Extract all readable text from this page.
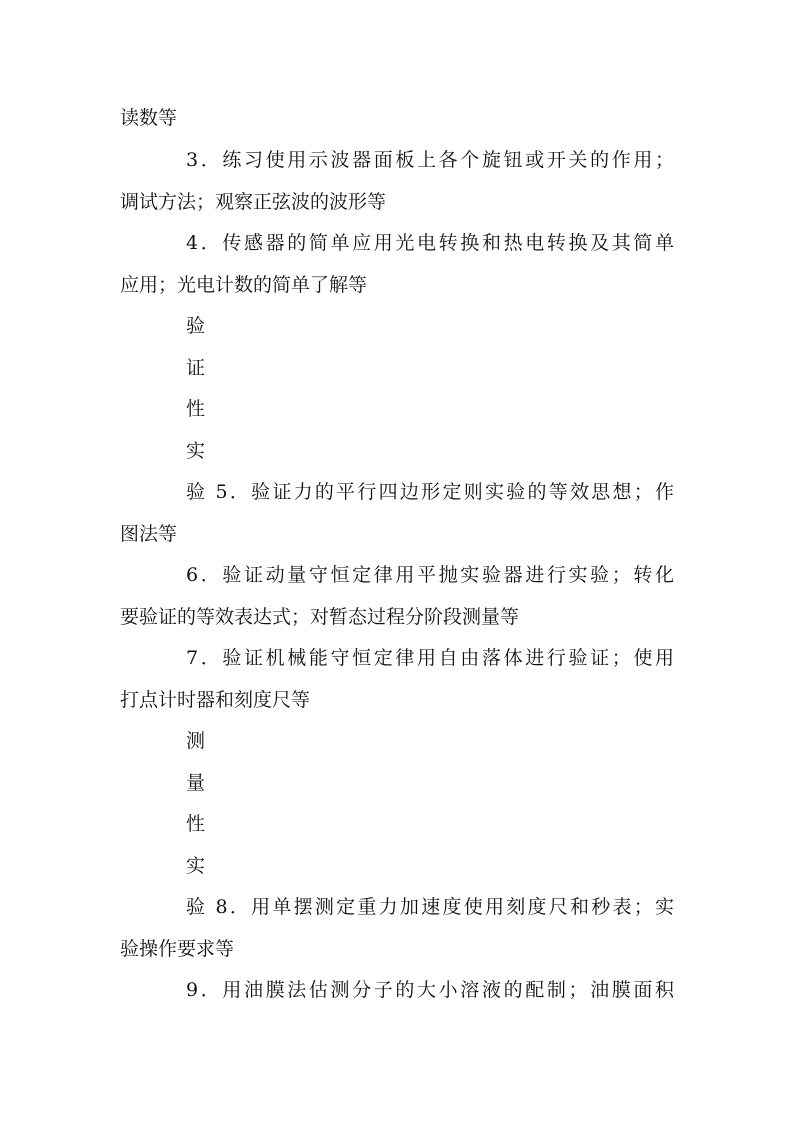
读数等
3．练习使用示波器面板上各个旋钮或开关的作用；
调试方法；观察正弦波的波形等
4．传感器的简单应用光电转换和热电转换及其简单
应用；光电计数的简单了解等
验
证
性
实
验 5．验证力的平行四边形定则实验的等效思想；作
图法等
6．验证动量守恒定律用平抛实验器进行实验；转化
要验证的等效表达式；对暂态过程分阶段测量等
7．验证机械能守恒定律用自由落体进行验证；使用
打点计时器和刻度尺等
测
量
性
实
验 8．用单摆测定重力加速度使用刻度尺和秒表；实
验操作要求等
9．用油膜法估测分子的大小溶液的配制；油膜面积
